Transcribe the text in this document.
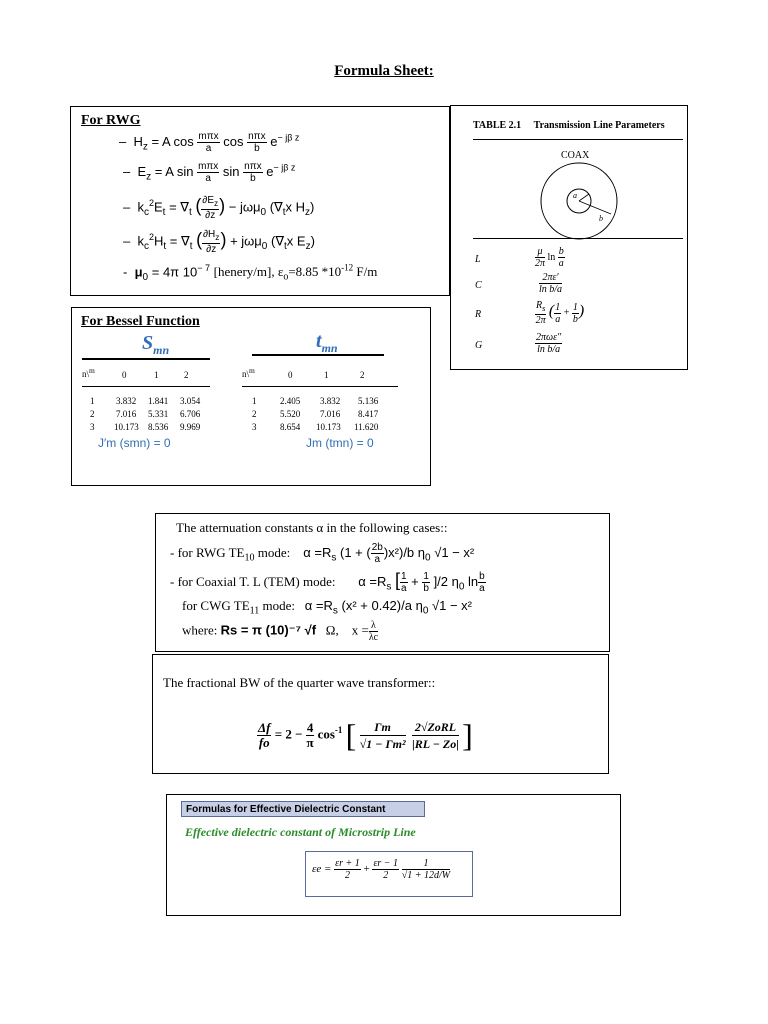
Formula Sheet:
For RWG
– $H_z = A$ $\cos \frac{\text{mπx}}{a}$ $\cos \frac{\text{nπx}}{b} e^{- j\beta z}$
– $E_z = A$ $\sin \frac{\text{mπx}}{a}$ $\sin \frac{\text{nπx}}{b} e^{- j\beta z}$
– $k_c^2E_t = \nabla_t$ ( $\frac{\partial E_z}{\partial z}$ ) − jωμ$_0$ ($\nabla_tx$ $H_z$)
– $k_c^2H_t = \nabla_t$ ( $\frac{\partial H_z}{\partial z}$ ) + jωμ$_0$ ($\nabla_tx$ $E_z$)
- $\mu_0 = 4\pi$ $10^{- 7}$ [henery/m], $\varepsilon_o=8.85$ $*10^{-12}$ F/m
TABLE 2.1 Transmission Line Parameters
COAX
a
b
L	$\frac{\mu}{2\pi}$ $\ln \frac{b}{a}$
C	$\frac{2\pi\varepsilon'}{\text{ln b/a}}$
R	$\frac{R_s}{2\pi}$ ( $\frac{1}{a} + \frac{1}{b}$ )
G	$\frac{\text{2πωε″}}{\text{ln b/a}}$
For Bessel Function
$S_{mn}$
n\$^m$	0	1	2
1 3.832 1.841 3.054
2 7.016 5.331 6.706
3 10.173 8.536 9.969
J′m (smn) = 0
$t_{mn}$
n\$^m$	0	1	2
1	2.405 3.832 5.136
2	5.520 7.016 8.417
3	8.654 10.173 11.620
Jm (tmn) = 0
The atternuation constants α in the following cases::
- for RWG $TE_{10}$ mode: $\alpha =R_s$ (1 + ( $\frac{2b}{a} )x^2)/b$ $\eta_0$ √1 − x²
- for Coaxial T. L (TEM) mode: $\alpha =R_s$ [ $\frac{1}{a} + \frac{1}{b} ]/2$ $\eta_0$ $\ln \frac{b}{a}$
for CWG $TE_{11}$ mode: $\alpha =R_s$ (x² + 0.42)/a $\eta_0$ √1 − x²
where: Rs = π (10)⁻⁷ √f Ω, $x = \frac{\lambda}{\lambda c}$
The fractional BW of the quarter wave transformer::
$\frac{\Delta f}{fo} = 2 - \frac{4}{\pi} \cos^{-1}$ [ $\frac{\Gamma m}{\text{√1 − Γm²}}$
$\frac{\text{2√ZoRL}}{|RL - Zo|}$ ]
Formulas for Effective Dielectric Constant
Effective dielectric constant of Microstrip Line
$\varepsilon e = \frac{\varepsilon r + 1}{2} + \frac{\varepsilon r - 1}{2}$
$\frac{1}{√1 + 12d/W}$
